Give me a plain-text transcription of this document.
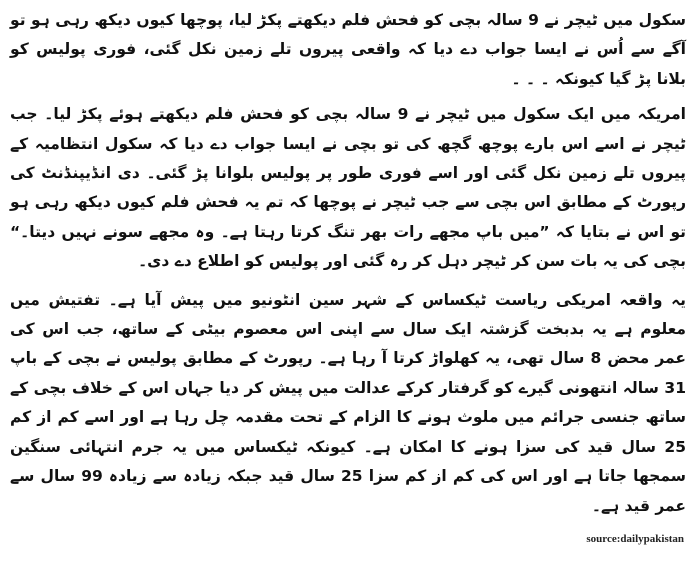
سکول میں ٹیچر نے 9 سالہ بچی کو فحش فلم دیکھتے پکڑ لیا، پوچھا کیوں دیکھ رہی ہو تو آگے سے اُس نے ایسا جواب دے دیا کہ واقعی پیروں تلے زمین نکل گئی، فوری پولیس کو بلانا پڑ گیا کیونکہ ۔ ۔ ۔

امریکہ میں ایک سکول میں ٹیچر نے 9 سالہ بچی کو فحش فلم دیکھتے ہوئے پکڑ لیا۔ جب ٹیچر نے اسے اس بارے پوچھ گچھ کی تو بچی نے ایسا جواب دے دیا کہ سکول انتظامیہ کے پیروں تلے زمین نکل گئی اور اسے فوری طور پر پولیس بلوانا پڑ گئی۔ دی انڈیپنڈنٹ کی رپورٹ کے مطابق اس بچی سے جب ٹیچر نے پوچھا کہ تم یہ فحش فلم کیوں دیکھ رہی ہو تو اس نے بتایا کہ ”میں باپ مجھے رات بھر تنگ کرتا رہتا ہے۔ وہ مجھے سونے نہیں دیتا۔“ بچی کی یہ بات سن کر ٹیچر دہل کر رہ گئی اور پولیس کو اطلاع دے دی۔

یہ واقعہ امریکی ریاست ٹیکساس کے شہر سین انٹونیو میں پیش آیا ہے۔ تفتیش میں معلوم ہے یہ بدبخت گزشتہ ایک سال سے اپنی اس معصوم بیٹی کے ساتھ، جب اس کی عمر محض 8 سال تھی، یہ کھلواڑ کرتا آ رہا ہے۔ رپورٹ کے مطابق پولیس نے بچی کے باپ 31 سالہ انتھونی گیرے کو گرفتار کرکے عدالت میں پیش کر دیا جہاں اس کے خلاف بچی کے ساتھ جنسی جرائم میں ملوث ہونے کا الزام کے تحت مقدمہ چل رہا ہے اور اسے کم از کم 25 سال قید کی سزا ہونے کا امکان ہے۔ کیونکہ ٹیکساس میں یہ جرم انتہائی سنگین سمجھا جاتا ہے اور اس کی کم از کم سزا 25 سال قید جبکہ زیادہ سے زیادہ 99 سال سے عمر قید ہے۔

source:dailypakistan
